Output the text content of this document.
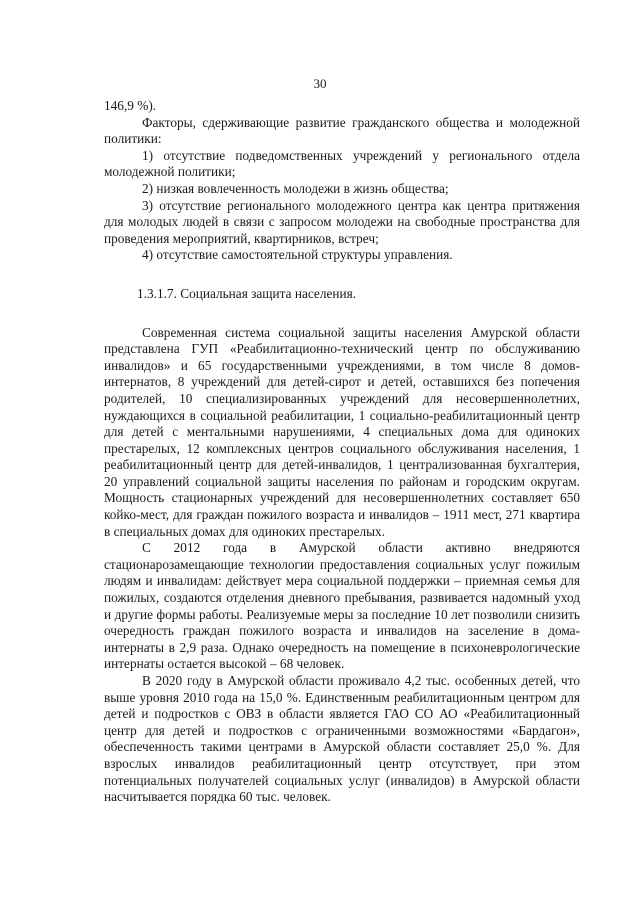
30

146,9 %).

Факторы, сдерживающие развитие гражданского общества и молодежной политики:

1) отсутствие подведомственных учреждений у регионального отдела молодежной политики;

2) низкая вовлеченность молодежи в жизнь общества;

3) отсутствие регионального молодежного центра как центра притяжения для молодых людей в связи с запросом молодежи на свободные пространства для проведения мероприятий, квартирников, встреч;

4) отсутствие самостоятельной структуры управления.

1.3.1.7. Социальная защита населения.

Современная система социальной защиты населения Амурской области представлена ГУП «Реабилитационно-технический центр по обслуживанию инвалидов» и 65 государственными учреждениями, в том числе 8 домов-интернатов, 8 учреждений для детей-сирот и детей, оставшихся без попечения родителей, 10 специализированных учреждений для несовершеннолетних, нуждающихся в социальной реабилитации, 1 социально-реабилитационный центр для детей с ментальными нарушениями, 4 специальных дома для одиноких престарелых, 12 комплексных центров социального обслуживания населения, 1 реабилитационный центр для детей-инвалидов, 1 централизованная бухгалтерия, 20 управлений социальной защиты населения по районам и городским округам. Мощность стационарных учреждений для несовершеннолетних составляет 650 койко-мест, для граждан пожилого возраста и инвалидов – 1911 мест, 271 квартира в специальных домах для одиноких престарелых.

С 2012 года в Амурской области активно внедряются стационарозамещающие технологии предоставления социальных услуг пожилым людям и инвалидам: действует мера социальной поддержки – приемная семья для пожилых, создаются отделения дневного пребывания, развивается надомный уход и другие формы работы. Реализуемые меры за последние 10 лет позволили снизить очередность граждан пожилого возраста и инвалидов на заселение в дома-интернаты в 2,9 раза. Однако очередность на помещение в психоневрологические интернаты остается высокой – 68 человек.

В 2020 году в Амурской области проживало 4,2 тыс. особенных детей, что выше уровня 2010 года на 15,0 %. Единственным реабилитационным центром для детей и подростков с ОВЗ в области является ГАО СО АО «Реабилитационный центр для детей и подростков с ограниченными возможностями «Бардагон», обеспеченность такими центрами в Амурской области составляет 25,0 %. Для взрослых инвалидов реабилитационный центр отсутствует, при этом потенциальных получателей социальных услуг (инвалидов) в Амурской области насчитывается порядка 60 тыс. человек.
